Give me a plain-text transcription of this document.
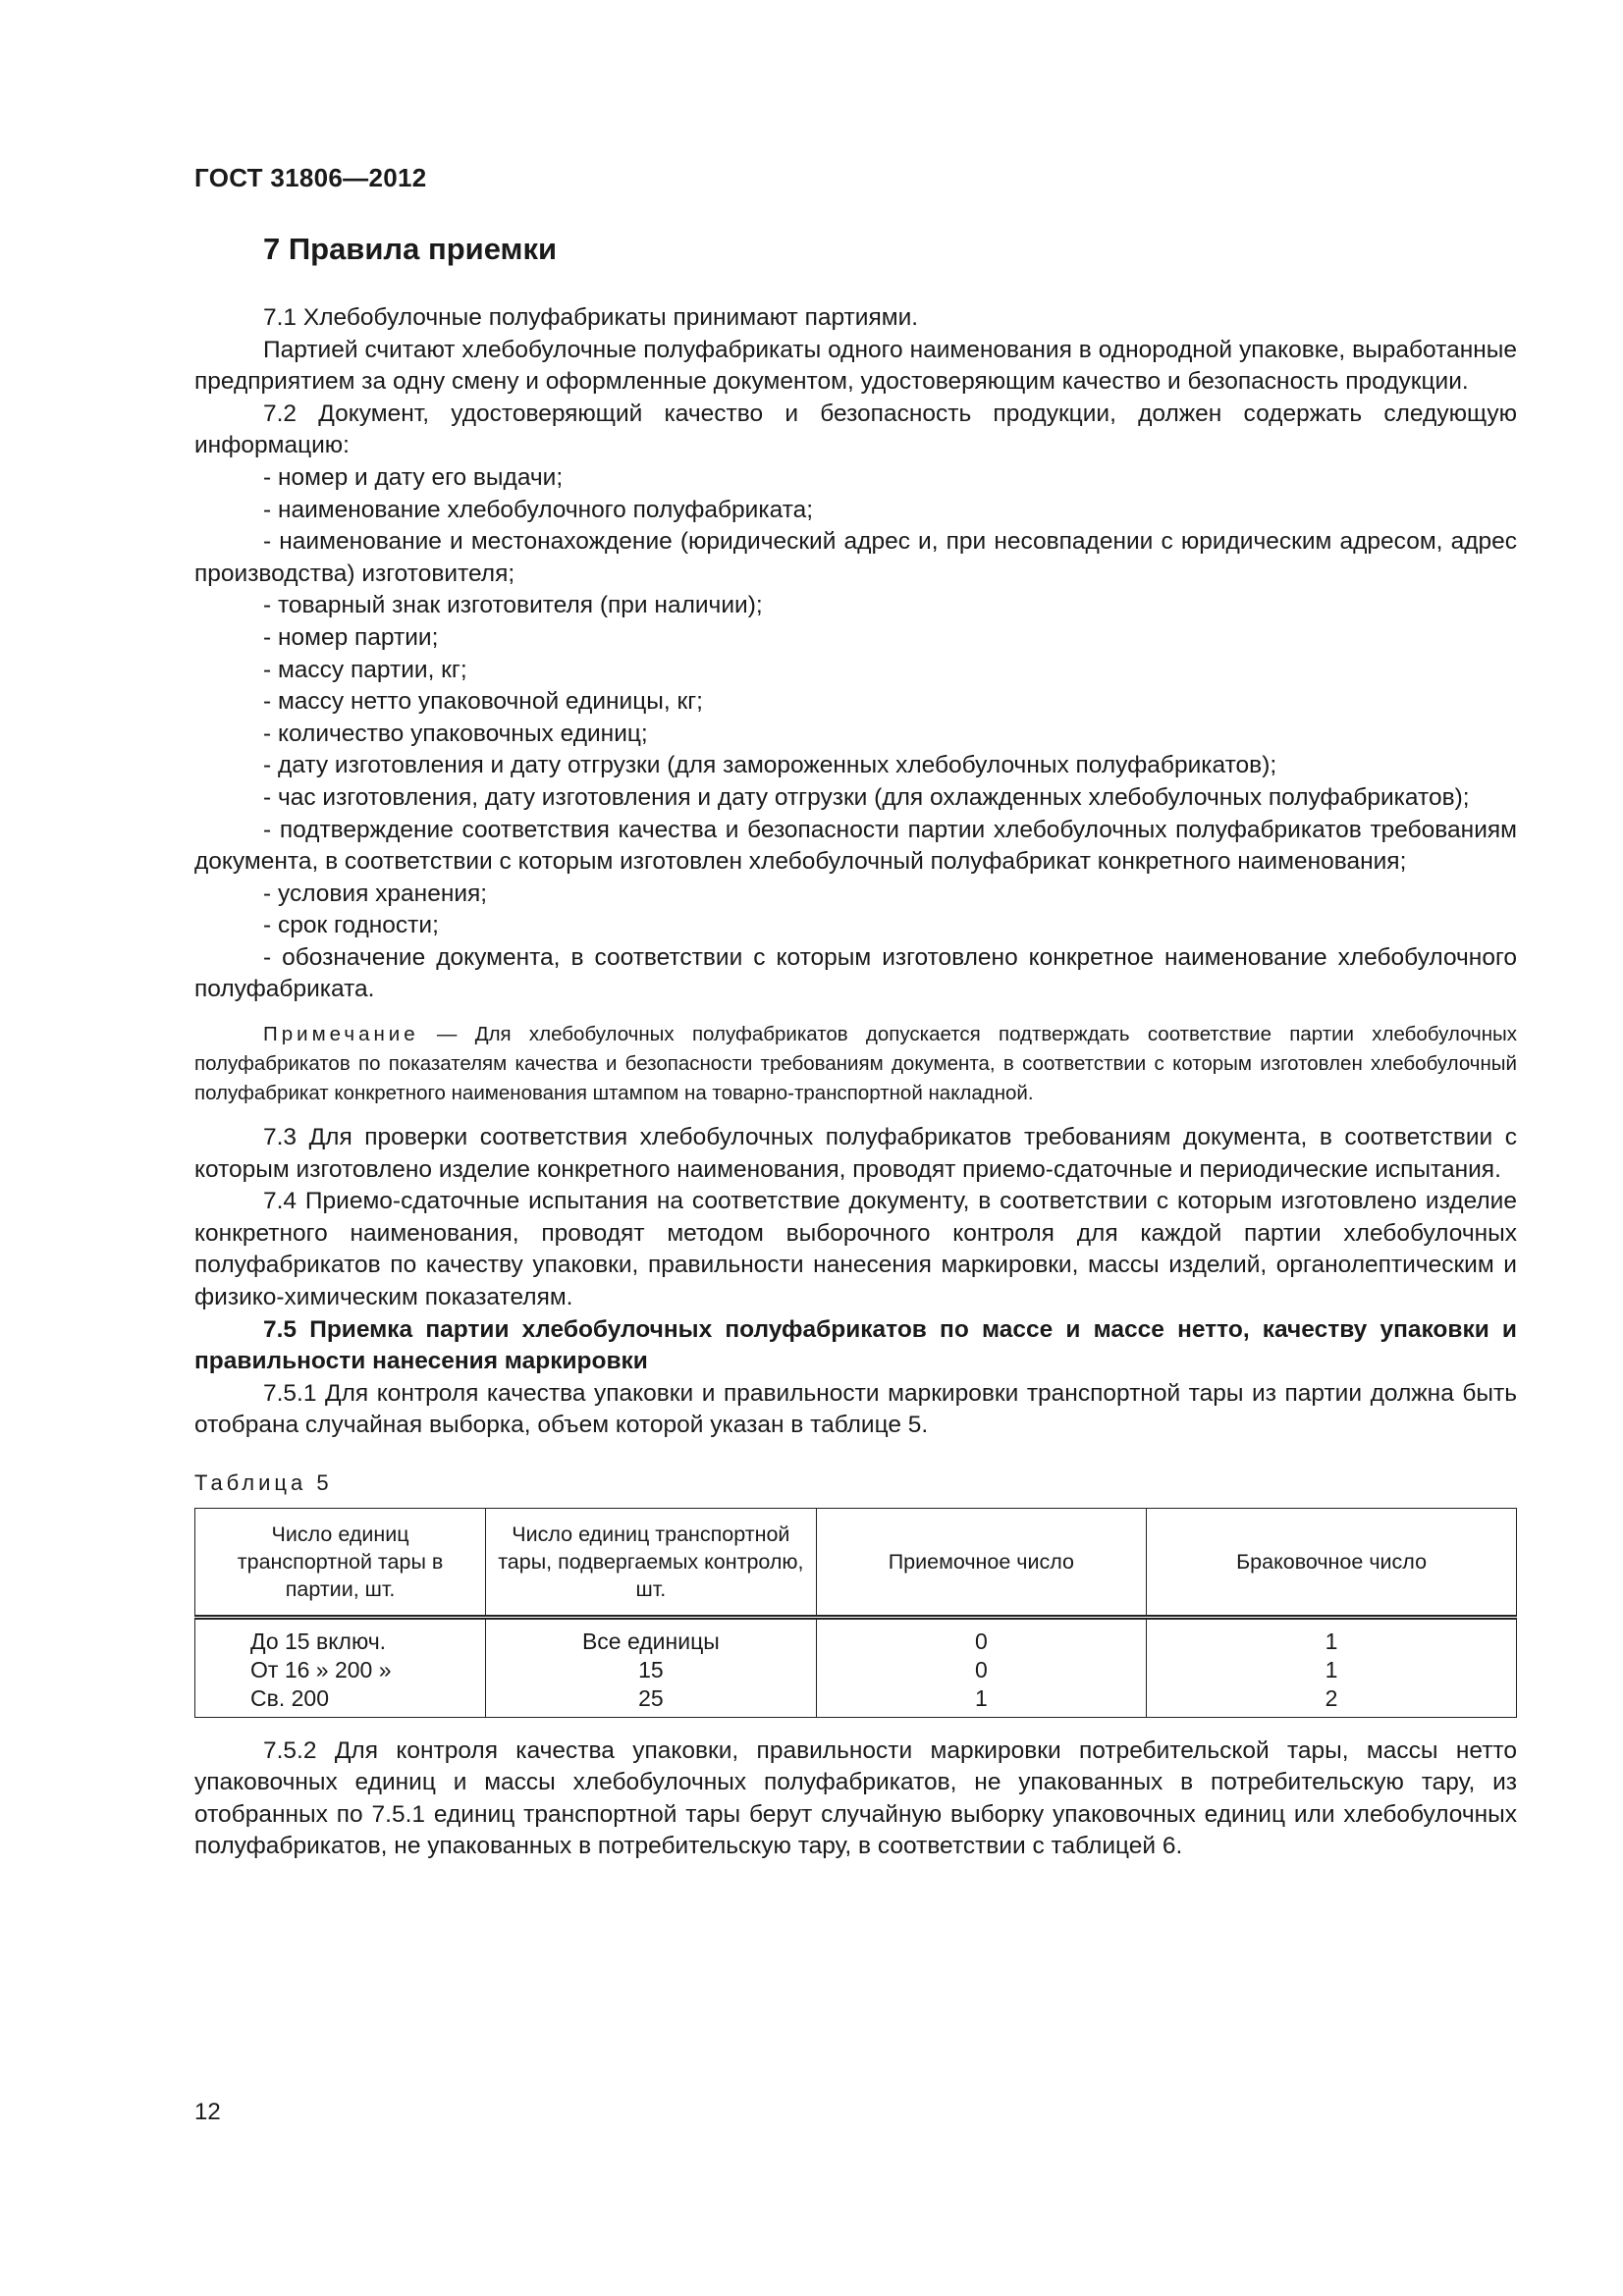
ГОСТ 31806—2012
7 Правила приемки

7.1 Хлебобулочные полуфабрикаты принимают партиями.

Партией считают хлебобулочные полуфабрикаты одного наименования в однородной упаковке, выработанные предприятием за одну смену и оформленные документом, удостоверяющим качество и безопасность продукции.

7.2 Документ, удостоверяющий качество и безопасность продукции, должен содержать следующую информацию:

- номер и дату его выдачи;

- наименование хлебобулочного полуфабриката;

- наименование и местонахождение (юридический адрес и, при несовпадении с юридическим адресом, адрес производства) изготовителя;

- товарный знак изготовителя (при наличии);

- номер партии;

- массу партии, кг;

- массу нетто упаковочной единицы, кг;

- количество упаковочных единиц;

- дату изготовления и дату отгрузки (для замороженных хлебобулочных полуфабрикатов);

- час изготовления, дату изготовления и дату отгрузки (для охлажденных хлебобулочных полуфабрикатов);

- подтверждение соответствия качества и безопасности партии хлебобулочных полуфабрикатов требованиям документа, в соответствии с которым изготовлен хлебобулочный полуфабрикат конкретного наименования;

- условия хранения;

- срок годности;

- обозначение документа, в соответствии с которым изготовлено конкретное наименование хлебобулочного полуфабриката.

Примечание — Для хлебобулочных полуфабрикатов допускается подтверждать соответствие партии хлебобулочных полуфабрикатов по показателям качества и безопасности требованиям документа, в соответствии с которым изготовлен хлебобулочный полуфабрикат конкретного наименования штампом на товарно-транспортной накладной.

7.3 Для проверки соответствия хлебобулочных полуфабрикатов требованиям документа, в соответствии с которым изготовлено изделие конкретного наименования, проводят приемо-сдаточные и периодические испытания.

7.4 Приемо-сдаточные испытания на соответствие документу, в соответствии с которым изготовлено изделие конкретного наименования, проводят методом выборочного контроля для каждой партии хлебобулочных полуфабрикатов по качеству упаковки, правильности нанесения маркировки, массы изделий, органолептическим и физико-химическим показателям.

7.5 Приемка партии хлебобулочных полуфабрикатов по массе и массе нетто, качеству упаковки и правильности нанесения маркировки

7.5.1 Для контроля качества упаковки и правильности маркировки транспортной тары из партии должна быть отобрана случайная выборка, объем которой указан в таблице 5.

Таблица 5

Число единиц транспортной тары в партии, шт.	Число единиц транспортной тары, подвергаемых контролю, шт.	Приемочное число	Браковочное число
До 15 включ.	Все единицы	0	1
От 16 » 200 »	15	0	1
Св. 200	25	1	2

7.5.2 Для контроля качества упаковки, правильности маркировки потребительской тары, массы нетто упаковочных единиц и массы хлебобулочных полуфабрикатов, не упакованных в потребительскую тару, из отобранных по 7.5.1 единиц транспортной тары берут случайную выборку упаковочных единиц или хлебобулочных полуфабрикатов, не упакованных в потребительскую тару, в соответствии с таблицей 6.

12
